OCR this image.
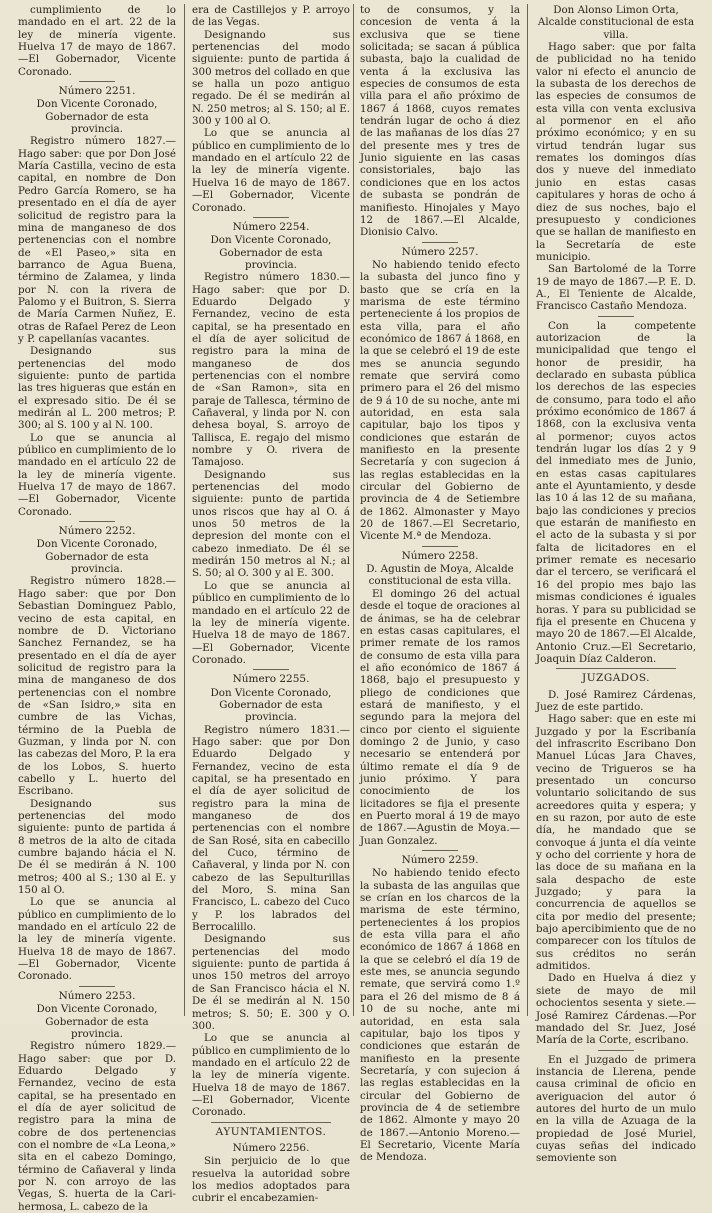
cumplimiento de lo mandado en el art. 22 de la ley de minería vigente. Huelva 17 de mayo de 1867.—El Gobernador, Vicente Coronado.

Número 2251.

Don Vicente Coronado, Gobernador de esta provincia.

Registro número 1827.—Hago saber: que por Don José María Castilla, vecino de esta capital, en nombre de Don Pedro García Romero, se ha presentado en el día de ayer solicitud de registro para la mina de manganeso de dos pertenencias con el nombre de «El Paseo,» sita en barranco de Agua Buena, término de Zalamea, y linda por N. con la rivera de Palomo y el Buitron, S. Sierra de María Carmen Nuñez, E. otras de Rafael Perez de Leon y P. capellanías vacantes.

Designando sus pertenencias del modo siguiente: punto de partida las tres higueras que están en el expresado sitio. De él se medirán al L. 200 metros; P. 300; al S. 100 y al N. 100.

Lo que se anuncia al público en cumplimiento de lo mandado en el artículo 22 de la ley de minería vigente. Huelva 17 de mayo de 1867.—El Gobernador, Vicente Coronado.

Número 2252.

Don Vicente Coronado, Gobernador de esta provincia.

Registro número 1828.—Hago saber: que por Don Sebastian Dominguez Pablo, vecino de esta capital, en nombre de D. Victoriano Sanchez Fernandez, se ha presentado en el día de ayer solicitud de registro para la mina de manganeso de dos pertenencias con el nombre de «San Isidro,» sita en cumbre de las Vichas, término de la Puebla de Guzman, y linda por N. con las cabezas del Moro, P. la era de los Lobos, S. huerto cabello y L. huerto del Escribano.

Designando sus pertenencias del modo siguiente: punto de partida á 8 metros de la alto de citada cumbre bajando hácia el N. De él se medirán á N. 100 metros; 400 al S.; 130 al E. y 150 al O.

Lo que se anuncia al público en cumplimiento de lo mandado en el artículo 22 de la ley de minería vigente. Huelva 18 de mayo de 1867.—El Gobernador, Vicente Coronado.

Número 2253.

Don Vicente Coronado, Gobernador de esta provincia.

Registro número 1829.—Hago saber: que por D. Eduardo Delgado y Fernandez, vecino de esta capital, se ha presentado en el día de ayer solicitud de registro para la mina de cobre de dos pertenencias con el nombre de «La Leona,» sita en el cabezo Domingo, término de Cañaveral y linda por N. con arroyo de las Vegas, S. huerta de la Cari-hermosa, L. cabezo de la

era de Castillejos y P. arroyo de las Vegas.

Designando sus pertenencias del modo siguiente: punto de partida á 300 metros del collado en que se halla un pozo antiguo regado. De él se medirán al N. 250 metros; al S. 150; al E. 300 y 100 al O.

Lo que se anuncia al público en cumplimiento de lo mandado en el artículo 22 de la ley de minería vigente. Huelva 16 de mayo de 1867.—El Gobernador, Vicente Coronado.

Número 2254.

Don Vicente Coronado, Gobernador de esta provincia.

Registro número 1830.—Hago saber: que por D. Eduardo Delgado y Fernandez, vecino de esta capital, se ha presentado en el día de ayer solicitud de registro para la mina de manganeso de dos pertenencias con el nombre de «San Ramon», sita en paraje de Tallesca, término de Cañaveral, y linda por N. con dehesa boyal, S. arroyo de Tallisca, E. regajo del mismo nombre y O. rivera de Tamajoso.

Designando sus pertenencias del modo siguiente: punto de partida unos riscos que hay al O. á unos 50 metros de la depresion del monte con el cabezo inmediato. De él se medirán 150 metros al N.; al S. 50; al O. 300 y al E. 300.

Lo que se anuncia al público en cumplimiento de lo mandado en el artículo 22 de la ley de minería vigente. Huelva 18 de mayo de 1867.—El Gobernador, Vicente Coronado.

Número 2255.

Don Vicente Coronado, Gobernador de esta provincia.

Registro número 1831.—Hago saber: que por Don Eduardo Delgado y Fernandez, vecino de esta capital, se ha presentado en el día de ayer solicitud de registro para la mina de manganeso de dos pertenencias con el nombre de San Rosé, sita en cabecillo del Cuco, término de Cañaveral, y linda por N. con cabezo de las Sepulturillas del Moro, S. mina San Francisco, L. cabezo del Cuco y P. los labrados del Berrocalillo.

Designando sus pertenencias del modo siguiente: punto de partida á unos 150 metros del arroyo de San Francisco hácia el N. De él se medirán al N. 150 metros; S. 50; E. 300 y O. 300.

Lo que se anuncia al público en cumplimiento de lo mandado en el artículo 22 de la ley de minería vigente. Huelva 18 de mayo de 1867.—El Gobernador, Vicente Coronado.

AYUNTAMIENTOS.

Número 2256.

Sin perjuicio de lo que resuelva la autoridad sobre los medios adoptados para cubrir el encabezamien-

to de consumos, y la concesion de venta á la exclusiva que se tiene solicitada; se sacan á pública subasta, bajo la cualidad de venta á la exclusiva las especies de consumos de esta villa para el año próximo de 1867 á 1868, cuyos remates tendrán lugar de ocho á diez de las mañanas de los días 27 del presente mes y tres de Junio siguiente en las casas consistoriales, bajo las condiciones que en los actos de subasta se pondrán de manifiesto. Hinojales y Mayo 12 de 1867.—El Alcalde, Dionisio Calvo.

Número 2257.

No habiendo tenido efecto la subasta del junco fino y basto que se cría en la marisma de este término perteneciente á los propios de esta villa, para el año económico de 1867 á 1868, en la que se celebró el 19 de este mes se anuncia segundo remate que servirá como primero para el 26 del mismo de 9 á 10 de su noche, ante mi autoridad, en esta sala capitular, bajo los tipos y condiciones que estarán de manifiesto en la presente Secretaría y con sugecion á las reglas establecidas en la circular del Gobierno de provincia de 4 de Setiembre de 1862. Almonaster y Mayo 20 de 1867.—El Secretario, Vicente M.ª de Mendoza.

Número 2258.

D. Agustin de Moya, Alcalde constitucional de esta villa.

El domingo 26 del actual desde el toque de oraciones al de ánimas, se ha de celebrar en estas casas capitulares, el primer remate de los ramos de consumo de esta villa para el año económico de 1867 á 1868, bajo el presupuesto y pliego de condiciones que estará de manifiesto, y el segundo para la mejora del cinco por ciento el siguiente domingo 2 de Junio, y caso necesario se entenderá por último remate el día 9 de junio próximo. Y para conocimiento de los licitadores se fija el presente en Puerto moral á 19 de mayo de 1867.—Agustin de Moya.—Juan Gonzalez.

Número 2259.

No habiendo tenido efecto la subasta de las anguilas que se crían en los charcos de la marisma de este término, pertenecientes á los propios de esta villa para el año económico de 1867 á 1868 en la que se celebró el día 19 de este mes, se anuncia segundo remate, que servirá como 1.º para el 26 del mismo de 8 á 10 de su noche, ante mi autoridad, en esta sala capitular, bajo los tipos y condiciones que estarán de manifiesto en la presente Secretaría, y con sujecion á las reglas establecidas en la circular del Gobierno de provincia de 4 de setiembre de 1862. Almonte y mayo 20 de 1867.—Antonio Moreno.—El Secretario, Vicente María de Mendoza.

Don Alonso Limon Orta, Alcalde constitucional de esta villa.

Hago saber: que por falta de publicidad no ha tenido valor ni efecto el anuncio de la subasta de los derechos de las especies de consumos de esta villa con venta exclusiva al pormenor en el año próximo económico; y en su virtud tendrán lugar sus remates los domingos días dos y nueve del inmediato junio en estas casas capitulares y horas de ocho á diez de sus noches, bajo el presupuesto y condiciones que se hallan de manifiesto en la Secretaría de este municipio.

San Bartolomé de la Torre 19 de mayo de 1867.—P. E. D. A., El Teniente de Alcalde, Francisco Castaño Mendoza.

Con la competente autorizacion de la municipalidad que tengo el honor de presidir, ha declarado en subasta pública los derechos de las especies de consumo, para todo el año próximo económico de 1867 á 1868, con la exclusiva venta al pormenor; cuyos actos tendrán lugar los días 2 y 9 del inmediato mes de Junio, en estas casas capitulares ante el Ayuntamiento, y desde las 10 á las 12 de su mañana, bajo las condiciones y precios que estarán de manifiesto en el acto de la subasta y si por falta de licitadores en el primer remate es necesario dar el tercero, se verificará el 16 del propio mes bajo las mismas condiciones é iguales horas. Y para su publicidad se fija el presente en Chucena y mayo 20 de 1867.—El Alcalde, Antonio Cruz.—El Secretario, Joaquin Díaz Calderon.

JUZGADOS.

D. José Ramirez Cárdenas, Juez de este partido.

Hago saber: que en este mi Juzgado y por la Escribanía del infrascrito Escribano Don Manuel Lúcas Jara Chaves, vecino de Trigueros se ha presentado un concurso voluntario solicitando de sus acreedores quita y espera; y en su razon, por auto de este día, he mandado que se convoque á junta el día veinte y ocho del corriente y hora de las doce de su mañana en la sala despacho de este Juzgado; y para la concurrencia de aquellos se cita por medio del presente; bajo apercibimiento que de no comparecer con los títulos de sus créditos no serán admitidos.

Dado en Huelva á diez y siete de mayo de mil ochocientos sesenta y siete.—José Ramirez Cárdenas.—Por mandado del Sr. Juez, José María de la Corte, escribano.

En el Juzgado de primera instancia de Llerena, pende causa criminal de oficio en averiguacion del autor ó autores del hurto de un mulo en la villa de Azuaga de la propiedad de José Muriel, cuyas señas del indicado semoviente son
